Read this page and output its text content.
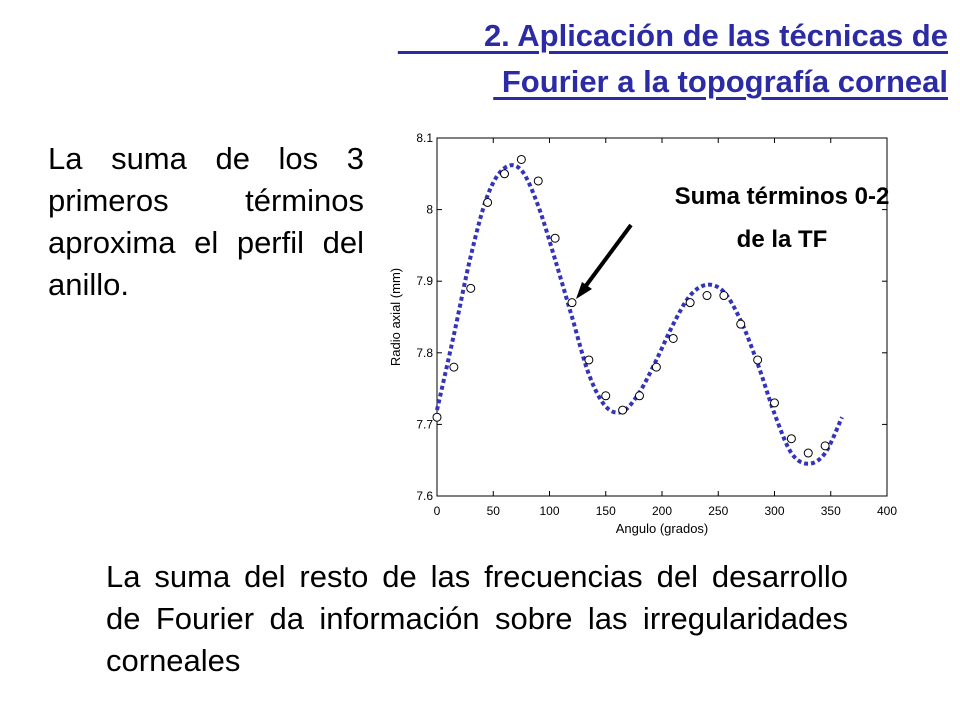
2. Aplicación de las técnicas de

Fourier a la topografía corneal

La suma de los 3 primeros términos aproxima el perfil del anillo.

La suma del resto de las frecuencias del desarrollo de Fourier da información sobre las irregularidades corneales

0	50	100	150	200	250	300	350	400
7.6
7.7
7.8
7.9
8
8.1
Angulo (grados)
Radio axial (mm)
Suma términos 0-2
de la TF
